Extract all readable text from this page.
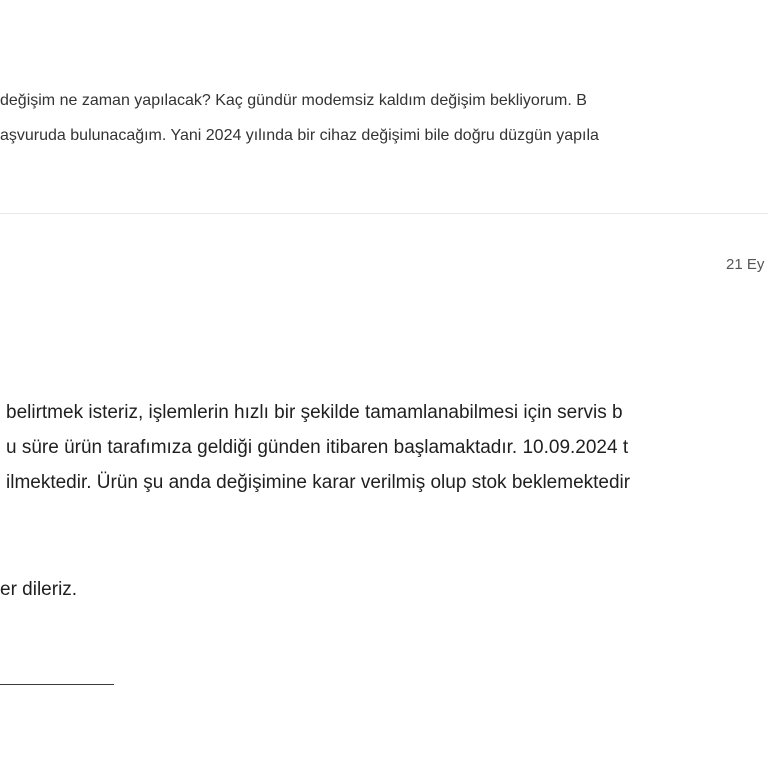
değişim ne zaman yapılacak? Kaç gündür modemsiz kaldım değişim bekliyorum. B
aşvuruda bulunacağım. Yani 2024 yılında bir cihaz değişimi bile doğru düzgün yapıla
21 Ey
belirtmek isteriz, işlemlerin hızlı bir şekilde tamamlanabilmesi için servis b
u süre ürün tarafımıza geldiği günden itibaren başlamaktadır. 10.09.2024 t
ilmektedir. Ürün şu anda değişimine karar verilmiş olup stok beklemektedir
er dileriz.
